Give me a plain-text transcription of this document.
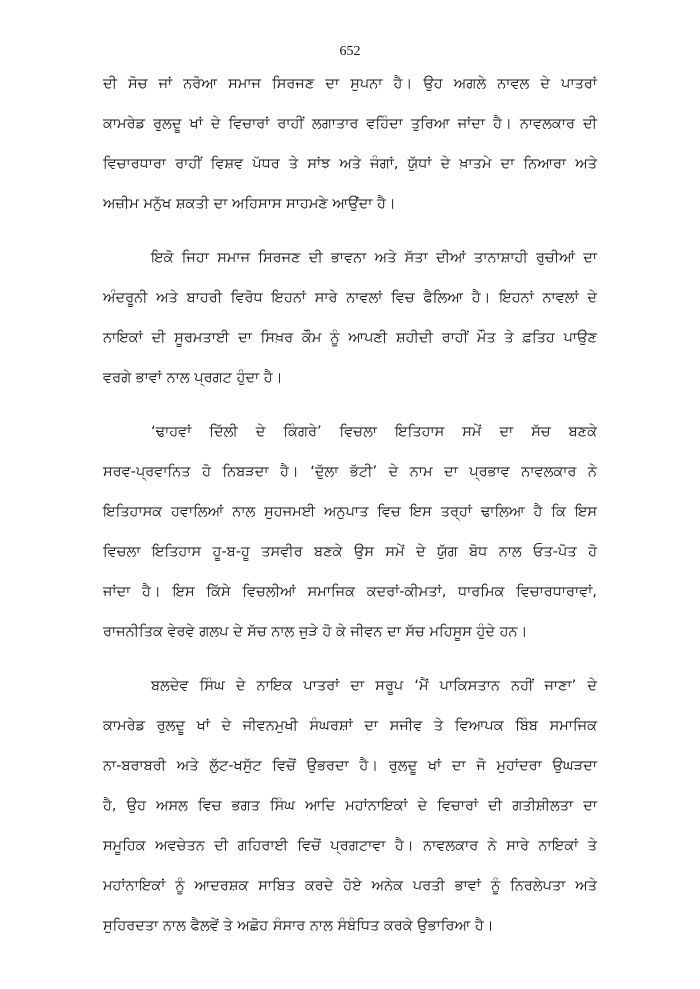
652
ਦੀ ਸੋਚ ਜਾਂ ਨਰੋਆ ਸਮਾਜ ਸਿਰਜਣ ਦਾ ਸੁਪਨਾ ਹੈ। ਉਹ ਅਗਲੇ ਨਾਵਲ ਦੇ ਪਾਤਰਾਂ
ਕਾਮਰੇਡ ਰੁਲਦੂ ਖਾਂ ਦੇ ਵਿਚਾਰਾਂ ਰਾਹੀਂ ਲਗਾਤਾਰ ਵਹਿੰਦਾ ਤੁਰਿਆ ਜਾਂਦਾ ਹੈ। ਨਾਵਲਕਾਰ ਦੀ
ਵਿਚਾਰਧਾਰਾ ਰਾਹੀਂ ਵਿਸ਼ਵ ਪੱਧਰ ਤੇ ਸਾਂਝ ਅਤੇ ਜੰਗਾਂ, ਯੁੱਧਾਂ ਦੇ ਖ਼ਾਤਮੇ ਦਾ ਨਿਆਰਾ ਅਤੇ
ਅਜ਼ੀਮ ਮਨੁੱਖ ਸ਼ਕਤੀ ਦਾ ਅਹਿਸਾਸ ਸਾਹਮਣੇ ਆਉਂਦਾ ਹੈ।
ਇਕੋ ਜਿਹਾ ਸਮਾਜ ਸਿਰਜਣ ਦੀ ਭਾਵਨਾ ਅਤੇ ਸੱਤਾ ਦੀਆਂ ਤਾਨਾਸ਼ਾਹੀ ਰੁਚੀਆਂ ਦਾ
ਅੰਦਰੂਨੀ ਅਤੇ ਬਾਹਰੀ ਵਿਰੋਧ ਇਹਨਾਂ ਸਾਰੇ ਨਾਵਲਾਂ ਵਿਚ ਫੈਲਿਆ ਹੈ। ਇਹਨਾਂ ਨਾਵਲਾਂ ਦੇ
ਨਾਇਕਾਂ ਦੀ ਸੂਰਮਤਾਈ ਦਾ ਸਿਖ਼ਰ ਕੌਮ ਨੂੰ ਆਪਣੀ ਸ਼ਹੀਦੀ ਰਾਹੀਂ ਮੌਤ ਤੇ ਫ਼ਤਿਹ ਪਾਉਣ
ਵਰਗੇ ਭਾਵਾਂ ਨਾਲ ਪ੍ਰਗਟ ਹੁੰਦਾ ਹੈ।
‘ਢਾਹਵਾਂ ਦਿੱਲੀ ਦੇ ਕਿੰਗਰੇ’ ਵਿਚਲਾ ਇਤਿਹਾਸ ਸਮੇਂ ਦਾ ਸੱਚ ਬਣਕੇ
ਸਰਵ-ਪ੍ਰਵਾਨਿਤ ਹੋ ਨਿਬੜਦਾ ਹੈ। ‘ਦੁੱਲਾ ਭੱਟੀ’ ਦੇ ਨਾਮ ਦਾ ਪ੍ਰਭਾਵ ਨਾਵਲਕਾਰ ਨੇ
ਇਤਿਹਾਸਕ ਹਵਾਲਿਆਂ ਨਾਲ ਸੁਹਜਮਈ ਅਨੁਪਾਤ ਵਿਚ ਇਸ ਤਰ੍ਹਾਂ ਢਾਲਿਆ ਹੈ ਕਿ ਇਸ
ਵਿਚਲਾ ਇਤਿਹਾਸ ਹੂ-ਬ-ਹੂ ਤਸਵੀਰ ਬਣਕੇ ਉਸ ਸਮੇਂ ਦੇ ਯੁੱਗ ਬੋਧ ਨਾਲ ਓਤ-ਪੋਤ ਹੋ
ਜਾਂਦਾ ਹੈ। ਇਸ ਕਿੱਸੇ ਵਿਚਲੀਆਂ ਸਮਾਜਿਕ ਕਦਰਾਂ-ਕੀਮਤਾਂ, ਧਾਰਮਿਕ ਵਿਚਾਰਧਾਰਾਵਾਂ,
ਰਾਜਨੀਤਿਕ ਵੇਰਵੇ ਗਲਪ ਦੇ ਸੱਚ ਨਾਲ ਜੁੜੇ ਹੋ ਕੇ ਜੀਵਨ ਦਾ ਸੱਚ ਮਹਿਸੂਸ ਹੁੰਦੇ ਹਨ।
ਬਲਦੇਵ ਸਿੰਘ ਦੇ ਨਾਇਕ ਪਾਤਰਾਂ ਦਾ ਸਰੂਪ ‘ਮੈਂ ਪਾਕਿਸਤਾਨ ਨਹੀਂ ਜਾਣਾ’ ਦੇ
ਕਾਮਰੇਡ ਰੁਲਦੂ ਖਾਂ ਦੇ ਜੀਵਨਮੁਖੀ ਸੰਘਰਸ਼ਾਂ ਦਾ ਸਜੀਵ ਤੇ ਵਿਆਪਕ ਬਿੰਬ ਸਮਾਜਿਕ
ਨਾ-ਬਰਾਬਰੀ ਅਤੇ ਲੁੱਟ-ਖਸੁੱਟ ਵਿਚੋਂ ਉਭਰਦਾ ਹੈ। ਰੁਲਦੂ ਖਾਂ ਦਾ ਜੋ ਮੁਹਾਂਦਰਾ ਉਘੜਦਾ
ਹੈ, ਉਹ ਅਸਲ ਵਿਚ ਭਗਤ ਸਿੰਘ ਆਦਿ ਮਹਾਂਨਾਇਕਾਂ ਦੇ ਵਿਚਾਰਾਂ ਦੀ ਗਤੀਸ਼ੀਲਤਾ ਦਾ
ਸਮੂਹਿਕ ਅਵਚੇਤਨ ਦੀ ਗਹਿਰਾਈ ਵਿਚੋਂ ਪ੍ਰਗਟਾਵਾ ਹੈ। ਨਾਵਲਕਾਰ ਨੇ ਸਾਰੇ ਨਾਇਕਾਂ ਤੇ
ਮਹਾਂਨਾਇਕਾਂ ਨੂੰ ਆਦਰਸ਼ਕ ਸਾਬਿਤ ਕਰਦੇ ਹੋਏ ਅਨੇਕ ਪਰਤੀ ਭਾਵਾਂ ਨੂੰ ਨਿਰਲੇਪਤਾ ਅਤੇ
ਸੁਹਿਰਦਤਾ ਨਾਲ ਫੈਲਵੇਂ ਤੇ ਅਛੋਹ ਸੰਸਾਰ ਨਾਲ ਸੰਬੰਧਿਤ ਕਰਕੇ ਉਭਾਰਿਆ ਹੈ।
